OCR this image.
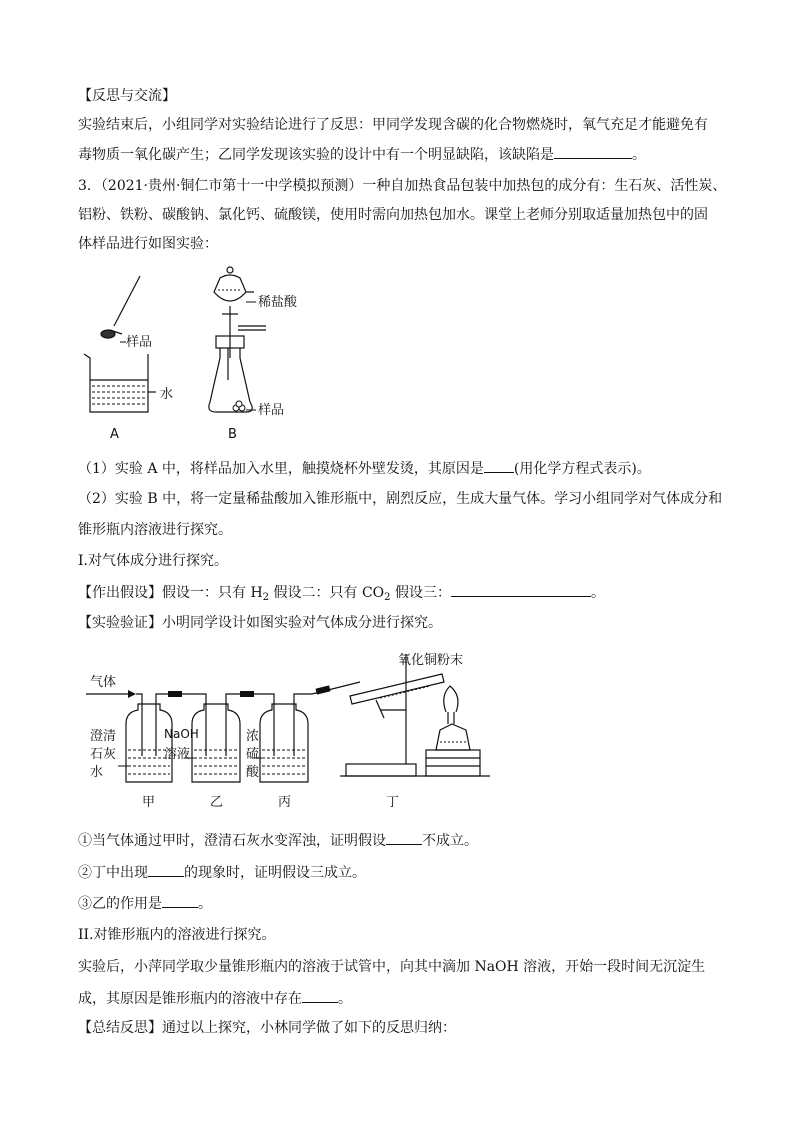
【反思与交流】
实验结束后，小组同学对实验结论进行了反思：甲同学发现含碳的化合物燃烧时，氧气充足才能避免有
毒物质一氧化碳产生；乙同学发现该实验的设计中有一个明显缺陷，该缺陷是	。
3．（2021·贵州·铜仁市第十一中学模拟预测）一种自加热食品包装中加热包的成分有：生石灰、活性炭、
铝粉、铁粉、碳酸钠、氯化钙、硫酸镁，使用时需向加热包加水。课堂上老师分别取适量加热包中的固
体样品进行如图实验：
样品
水
A
稀盐酸
样品
B
（1）实验 A 中，将样品加入水里，触摸烧杯外壁发烫，其原因是 (用化学方程式表示)。
（2）实验 B 中，将一定量稀盐酸加入锥形瓶中，剧烈反应，生成大量气体。学习小组同学对气体成分和
锥形瓶内溶液进行探究。
I.对气体成分进行探究。
【作出假设】假设一：只有 $H_2$ 假设二：只有 $CO_2$ 假设三：	。
【实验验证】小明同学设计如图实验对气体成分进行探究。
气体
澄清
石灰
水
NaOH
溶液
浓
硫
酸
氧化铜粉末
甲	乙	丙	丁
①当气体通过甲时，澄清石灰水变浑浊，证明假设	不成立。
②丁中出现	的现象时，证明假设三成立。
③乙的作用是	。
II.对锥形瓶内的溶液进行探究。
实验后，小萍同学取少量锥形瓶内的溶液于试管中，向其中滴加 NaOH 溶液，开始一段时间无沉淀生
成，其原因是锥形瓶内的溶液中存在	。
【总结反思】通过以上探究，小林同学做了如下的反思归纳：
